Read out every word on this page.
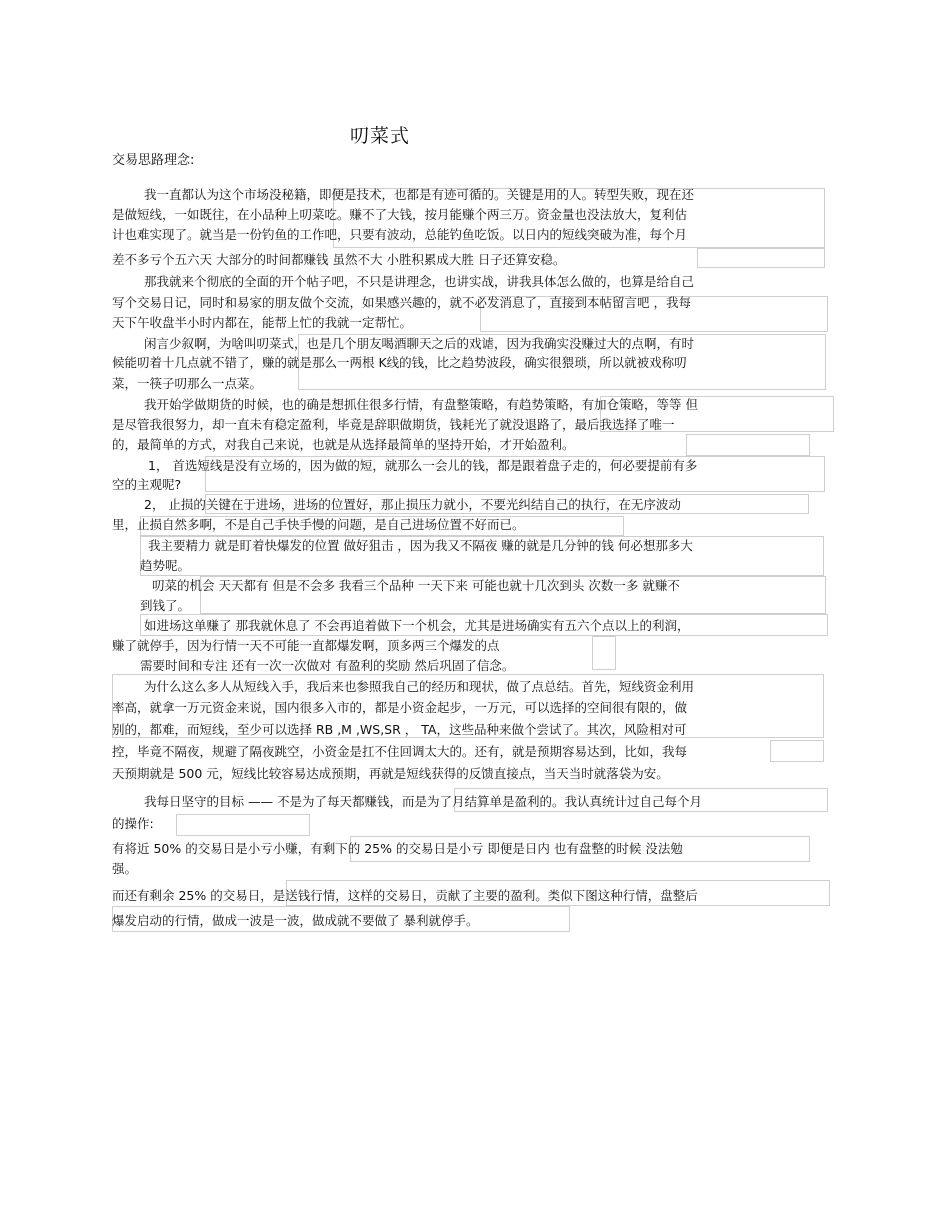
叨菜式
交易思路理念:
我一直都认为这个市场没秘籍，即便是技术，也都是有迹可循的。关键是用的人。转型失败，现在还
是做短线，一如既往，在小品种上叨菜吃。赚不了大钱，按月能赚个两三万。资金量也没法放大，复利估
计也难实现了。就当是一份钓鱼的工作吧，只要有波动，总能钓鱼吃饭。以日内的短线突破为准，每个月
差不多亏个五六天 大部分的时间都赚钱 虽然不大 小胜积累成大胜 日子还算安稳。
那我就来个彻底的全面的开个帖子吧，不只是讲理念，也讲实战，讲我具体怎么做的，也算是给自己
写个交易日记，同时和易家的朋友做个交流，如果感兴趣的，就不必发消息了，直接到本帖留言吧 ，我每
天下午收盘半小时内都在，能帮上忙的我就一定帮忙。
闲言少叙啊，为啥叫叨菜式，也是几个朋友喝酒聊天之后的戏谑，因为我确实没赚过大的点啊，有时
候能叨着十几点就不错了，赚的就是那么一两根 K线的钱，比之趋势波段，确实很猥琐，所以就被戏称叨
菜，一筷子叨那么一点菜。
我开始学做期货的时候，也的确是想抓住很多行情，有盘整策略，有趋势策略，有加仓策略，等等 但
是尽管我很努力，却一直未有稳定盈利，毕竟是辞职做期货，钱耗光了就没退路了，最后我选择了唯一
的，最简单的方式，对我自己来说，也就是从选择最简单的坚持开始，才开始盈利。
1， 首选短线是没有立场的，因为做的短，就那么一会儿的钱，都是跟着盘子走的，何必要提前有多
空的主观呢?
2， 止损的关键在于进场，进场的位置好，那止损压力就小，不要光纠结自己的执行，在无序波动
里，止损自然多啊，不是自己手快手慢的问题，是自己进场位置不好而已。
我主要精力 就是盯着快爆发的位置 做好狙击 ，因为我又不隔夜 赚的就是几分钟的钱 何必想那多大
趋势呢。
叨菜的机会 天天都有 但是不会多 我看三个品种 一天下来 可能也就十几次到头 次数一多 就赚不
到钱了。
如进场这单赚了 那我就休息了 不会再追着做下一个机会，尤其是进场确实有五六个点以上的利润，
赚了就停手，因为行情一天不可能一直都爆发啊，顶多两三个爆发的点
需要时间和专注 还有一次一次做对 有盈利的奖励 然后巩固了信念。
为什么这么多人从短线入手，我后来也参照我自己的经历和现状，做了点总结。首先，短线资金利用
率高，就拿一万元资金来说，国内很多入市的，都是小资金起步，一万元，可以选择的空间很有限的，做
别的，都难，而短线，至少可以选择 RB ,M ,WS,SR ， TA，这些品种来做个尝试了。其次，风险相对可
控，毕竟不隔夜，规避了隔夜跳空，小资金是扛不住回调太大的。还有，就是预期容易达到，比如，我每
天预期就是 500 元，短线比较容易达成预期，再就是短线获得的反馈直接点，当天当时就落袋为安。
我每日坚守的目标 —— 不是为了每天都赚钱，而是为了月结算单是盈利的。我认真统计过自己每个月
的操作:
有将近 50% 的交易日是小亏小赚，有剩下的 25% 的交易日是小亏 即便是日内 也有盘整的时候 没法勉
强。
而还有剩余 25% 的交易日，是送钱行情，这样的交易日，贡献了主要的盈利。类似下图这种行情，盘整后
爆发启动的行情，做成一波是一波，做成就不要做了 暴利就停手。
